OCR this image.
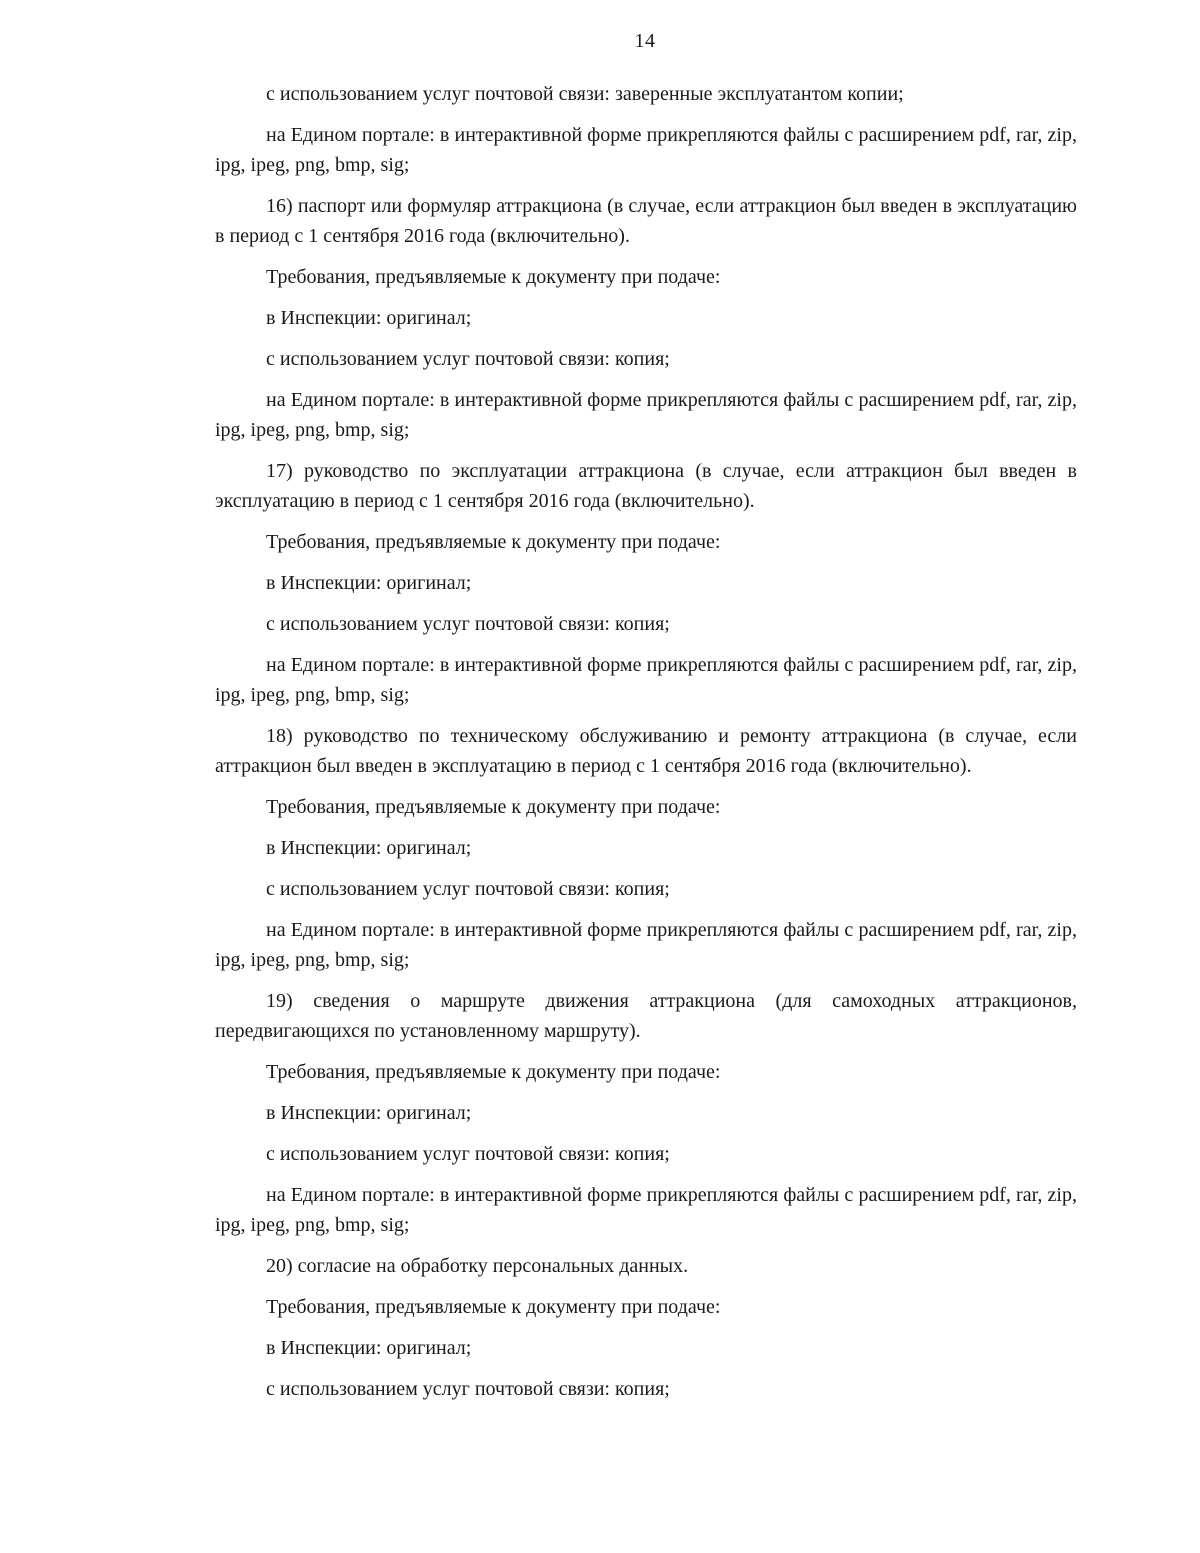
14

с использованием услуг почтовой связи: заверенные эксплуатантом копии;

на Едином портале: в интерактивной форме прикрепляются файлы с расширением pdf, rar, zip, ipg, ipeg, png, bmp, sig;

16) паспорт или формуляр аттракциона (в случае, если аттракцион был введен в эксплуатацию в период с 1 сентября 2016 года (включительно).

Требования, предъявляемые к документу при подаче:

в Инспекции: оригинал;

с использованием услуг почтовой связи: копия;

на Едином портале: в интерактивной форме прикрепляются файлы с расширением pdf, rar, zip, ipg, ipeg, png, bmp, sig;

17) руководство по эксплуатации аттракциона (в случае, если аттракцион был введен в эксплуатацию в период с 1 сентября 2016 года (включительно).

Требования, предъявляемые к документу при подаче:

в Инспекции: оригинал;

с использованием услуг почтовой связи: копия;

на Едином портале: в интерактивной форме прикрепляются файлы с расширением pdf, rar, zip, ipg, ipeg, png, bmp, sig;

18) руководство по техническому обслуживанию и ремонту аттракциона (в случае, если аттракцион был введен в эксплуатацию в период с 1 сентября 2016 года (включительно).

Требования, предъявляемые к документу при подаче:

в Инспекции: оригинал;

с использованием услуг почтовой связи: копия;

на Едином портале: в интерактивной форме прикрепляются файлы с расширением pdf, rar, zip, ipg, ipeg, png, bmp, sig;

19) сведения о маршруте движения аттракциона (для самоходных аттракционов, передвигающихся по установленному маршруту).

Требования, предъявляемые к документу при подаче:

в Инспекции: оригинал;

с использованием услуг почтовой связи: копия;

на Едином портале: в интерактивной форме прикрепляются файлы с расширением pdf, rar, zip, ipg, ipeg, png, bmp, sig;

20) согласие на обработку персональных данных.

Требования, предъявляемые к документу при подаче:

в Инспекции: оригинал;

с использованием услуг почтовой связи: копия;
